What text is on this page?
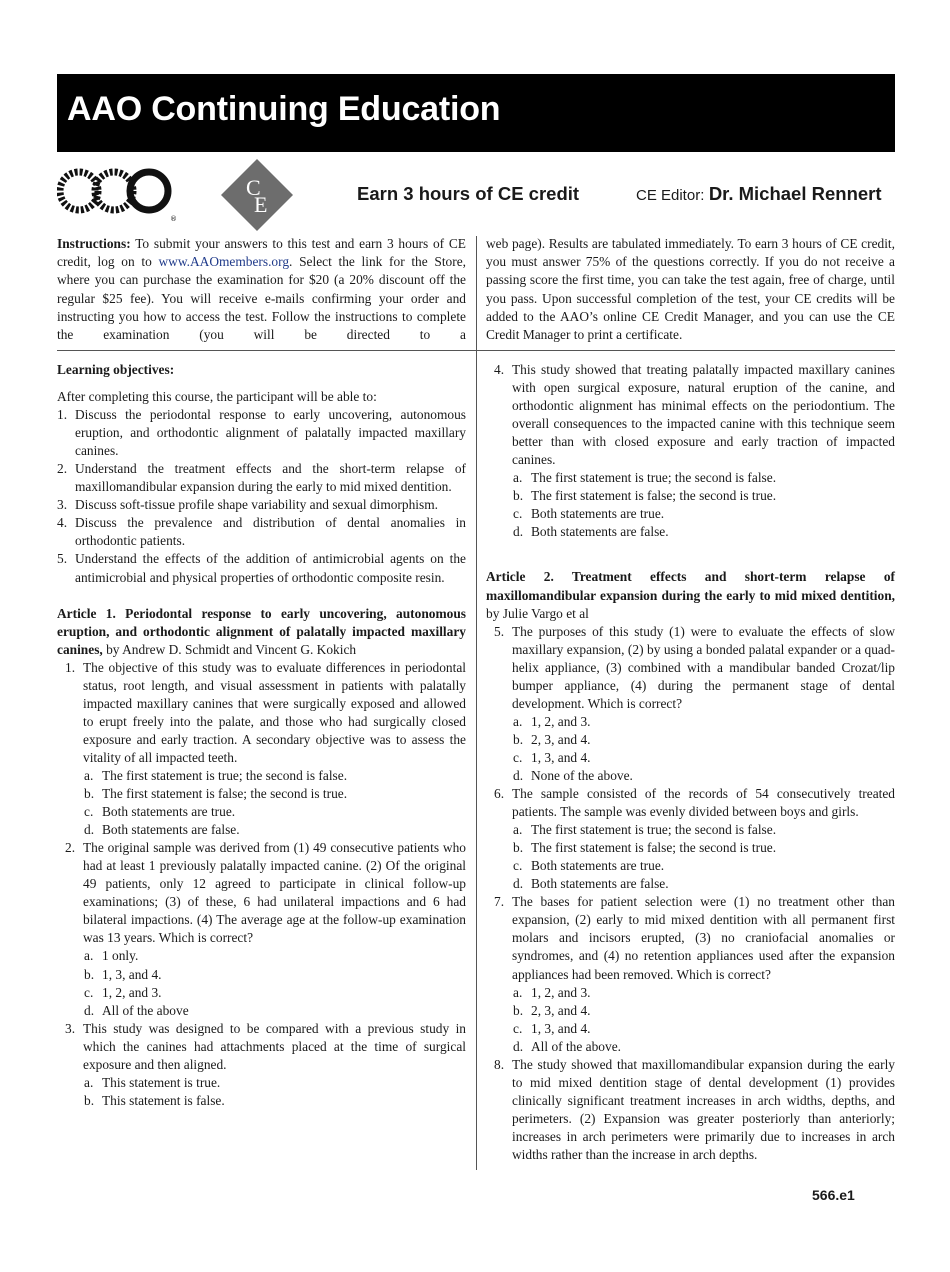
AAO Continuing Education
®
C
E	Earn 3 hours of CE credit	CE Editor: Dr. Michael Rennert
Instructions: To submit your answers to this test and earn 3 hours of CE credit, log on to www.AAOmembers.org. Select the link for the Store, where you can purchase the examination for $20 (a 20% discount off the regular $25 fee). You will receive e-mails confirming your order and instructing you how to access the test. Follow the instructions to complete the examination (you will be directed to a
web page). Results are tabulated immediately. To earn 3 hours of CE credit, you must answer 75% of the questions correctly. If you do not receive a passing score the first time, you can take the test again, free of charge, until you pass. Upon successful completion of the test, your CE credits will be added to the AAO’s online CE Credit Manager, and you can use the CE Credit Manager to print a certificate.

Learning objectives:

After completing this course, the participant will be able to:

1. Discuss the periodontal response to early uncovering, autonomous eruption, and orthodontic alignment of palatally impacted maxillary canines.

2. Understand the treatment effects and the short-term relapse of maxillomandibular expansion during the early to mid mixed dentition.

3. Discuss soft-tissue profile shape variability and sexual dimorphism.

4. Discuss the prevalence and distribution of dental anomalies in orthodontic patients.

5. Understand the effects of the addition of antimicrobial agents on the antimicrobial and physical properties of orthodontic composite resin.

Article 1. Periodontal response to early uncovering, autonomous eruption, and orthodontic alignment of palatally impacted maxillary canines, by Andrew D. Schmidt and Vincent G. Kokich

1. The objective of this study was to evaluate differences in periodontal status, root length, and visual assessment in patients with palatally impacted maxillary canines that were surgically exposed and allowed to erupt freely into the palate, and those who had surgically closed exposure and early traction. A secondary objective was to assess the vitality of all impacted teeth.

a. The first statement is true; the second is false.

b. The first statement is false; the second is true.

c. Both statements are true.

d. Both statements are false.

2. The original sample was derived from (1) 49 consecutive patients who had at least 1 previously palatally impacted canine. (2) Of the original 49 patients, only 12 agreed to participate in clinical follow-up examinations; (3) of these, 6 had unilateral impactions and 6 had bilateral impactions. (4) The average age at the follow-up examination was 13 years. Which is correct?

a. 1 only.

b. 1, 3, and 4.

c. 1, 2, and 3.

d. All of the above

3. This study was designed to be compared with a previous study in which the canines had attachments placed at the time of surgical exposure and then aligned.

a. This statement is true.

b. This statement is false.

4. This study showed that treating palatally impacted maxillary canines with open surgical exposure, natural eruption of the canine, and orthodontic alignment has minimal effects on the periodontium. The overall consequences to the impacted canine with this technique seem better than with closed exposure and early traction of impacted canines.

a. The first statement is true; the second is false.

b. The first statement is false; the second is true.

c. Both statements are true.

d. Both statements are false.

Article 2. Treatment effects and short-term relapse of maxillomandibular expansion during the early to mid mixed dentition, by Julie Vargo et al

5. The purposes of this study (1) were to evaluate the effects of slow maxillary expansion, (2) by using a bonded palatal expander or a quad-helix appliance, (3) combined with a mandibular banded Crozat/lip bumper appliance, (4) during the permanent stage of dental development. Which is correct?

a. 1, 2, and 3.

b. 2, 3, and 4.

c. 1, 3, and 4.

d. None of the above.

6. The sample consisted of the records of 54 consecutively treated patients. The sample was evenly divided between boys and girls.

a. The first statement is true; the second is false.

b. The first statement is false; the second is true.

c. Both statements are true.

d. Both statements are false.

7. The bases for patient selection were (1) no treatment other than expansion, (2) early to mid mixed dentition with all permanent first molars and incisors erupted, (3) no craniofacial anomalies or syndromes, and (4) no retention appliances used after the expansion appliances had been removed. Which is correct?

a. 1, 2, and 3.

b. 2, 3, and 4.

c. 1, 3, and 4.

d. All of the above.

8. The study showed that maxillomandibular expansion during the early to mid mixed dentition stage of dental development (1) provides clinically significant treatment increases in arch widths, depths, and perimeters. (2) Expansion was greater posteriorly than anteriorly; increases in arch perimeters were primarily due to increases in arch widths rather than the increase in arch depths.

566.e1
